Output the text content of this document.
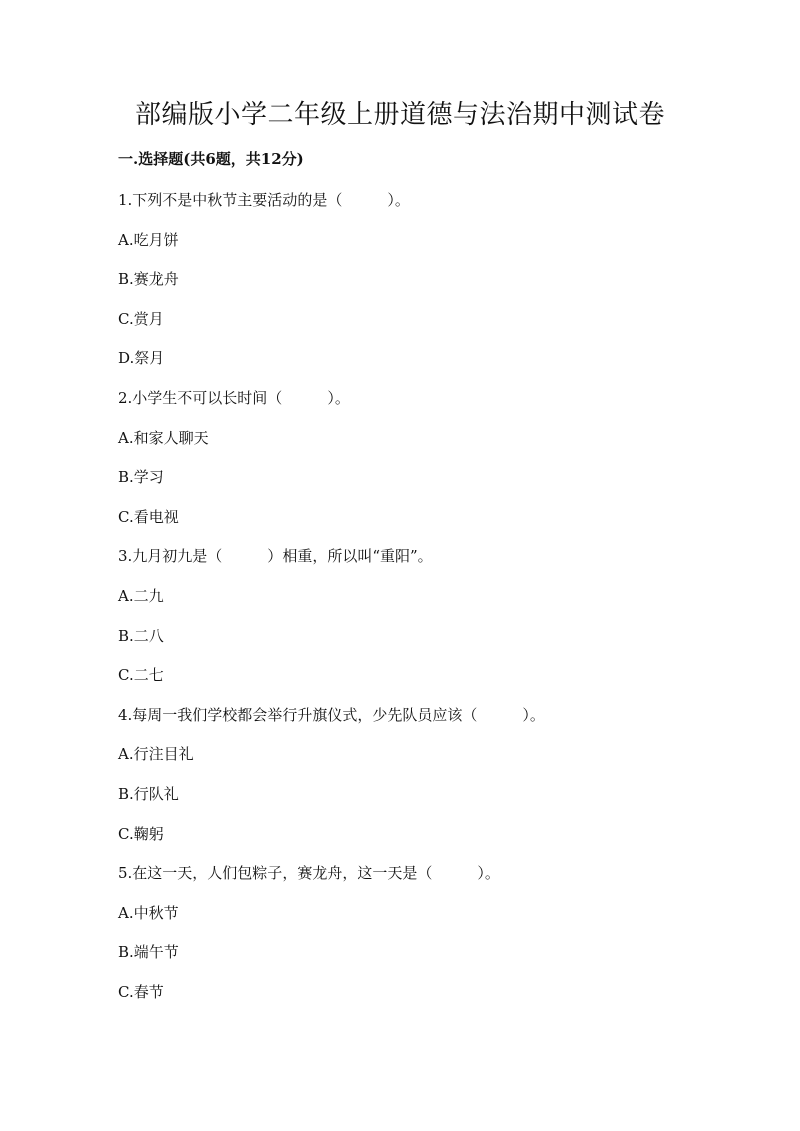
部编版小学二年级上册道德与法治期中测试卷
一.选择题(共6题，共12分)
1.下列不是中秋节主要活动的是（　　　）。
A.吃月饼
B.赛龙舟
C.赏月
D.祭月
2.小学生不可以长时间（　　　）。
A.和家人聊天
B.学习
C.看电视
3.九月初九是（　　　）相重，所以叫“重阳”。
A.二九
B.二八
C.二七
4.每周一我们学校都会举行升旗仪式，少先队员应该（　　　）。
A.行注目礼
B.行队礼
C.鞠躬
5.在这一天，人们包粽子，赛龙舟，这一天是（　　　）。
A.中秋节
B.端午节
C.春节
